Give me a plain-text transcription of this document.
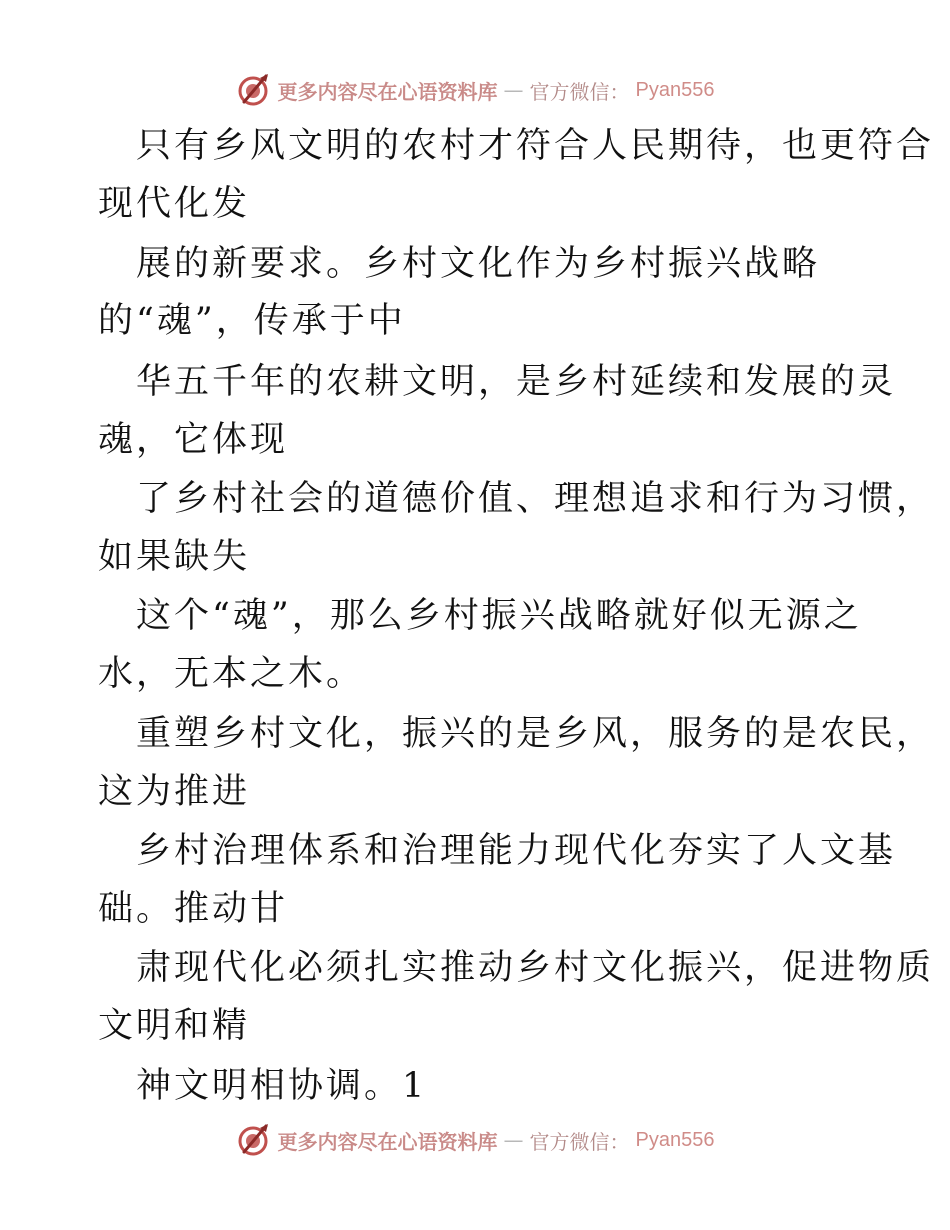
更多内容尽在心语资料库 — 官方微信： Pyan556
只有乡风文明的农村才符合人民期待，也更符合
现代化发
展的新要求。乡村文化作为乡村振兴战略
的“魂”，传承于中
华五千年的农耕文明，是乡村延续和发展的灵
魂，它体现
了乡村社会的道德价值、理想追求和行为习惯，
如果缺失
这个“魂”，那么乡村振兴战略就好似无源之
水，无本之木。
重塑乡村文化，振兴的是乡风，服务的是农民，
这为推进
乡村治理体系和治理能力现代化夯实了人文基
础。推动甘
肃现代化必须扎实推动乡村文化振兴，促进物质
文明和精
神文明相协调。1
更多内容尽在心语资料库 — 官方微信： Pyan556
